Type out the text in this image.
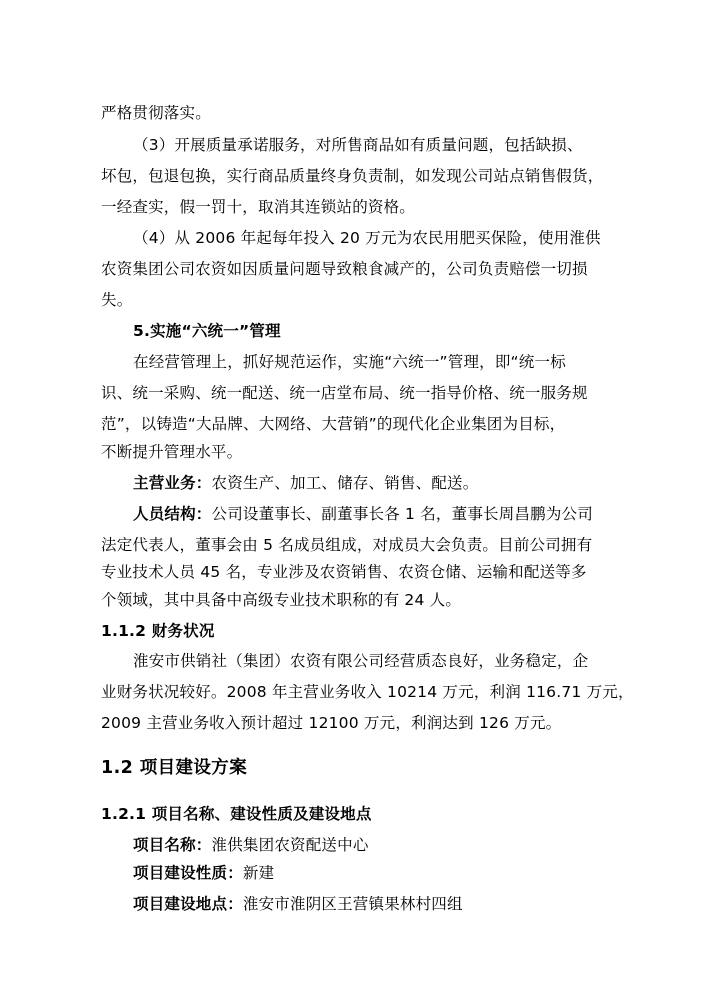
严格贯彻落实。
（3）开展质量承诺服务，对所售商品如有质量问题，包括缺损、
坏包，包退包换，实行商品质量终身负责制，如发现公司站点销售假货，
一经查实，假一罚十，取消其连锁站的资格。
（4）从 2006 年起每年投入 20 万元为农民用肥买保险，使用淮供
农资集团公司农资如因质量问题导致粮食减产的，公司负责赔偿一切损
失。
5.实施“六统一”管理
在经营管理上，抓好规范运作，实施“六统一”管理，即“统一标
识、统一采购、统一配送、统一店堂布局、统一指导价格、统一服务规
范”，以铸造“大品牌、大网络、大营销”的现代化企业集团为目标，
不断提升管理水平。
主营业务：农资生产、加工、储存、销售、配送。
人员结构：公司设董事长、副董事长各 1 名，董事长周昌鹏为公司
法定代表人，董事会由 5 名成员组成，对成员大会负责。目前公司拥有
专业技术人员 45 名，专业涉及农资销售、农资仓储、运输和配送等多
个领域，其中具备中高级专业技术职称的有 24 人。
1.1.2 财务状况
淮安市供销社（集团）农资有限公司经营质态良好，业务稳定，企
业财务状况较好。2008 年主营业务收入 10214 万元，利润 116.71 万元，
2009 主营业务收入预计超过 12100 万元，利润达到 126 万元。
1.2 项目建设方案
1.2.1 项目名称、建设性质及建设地点
项目名称：淮供集团农资配送中心
项目建设性质：新建
项目建设地点：淮安市淮阴区王营镇果林村四组
